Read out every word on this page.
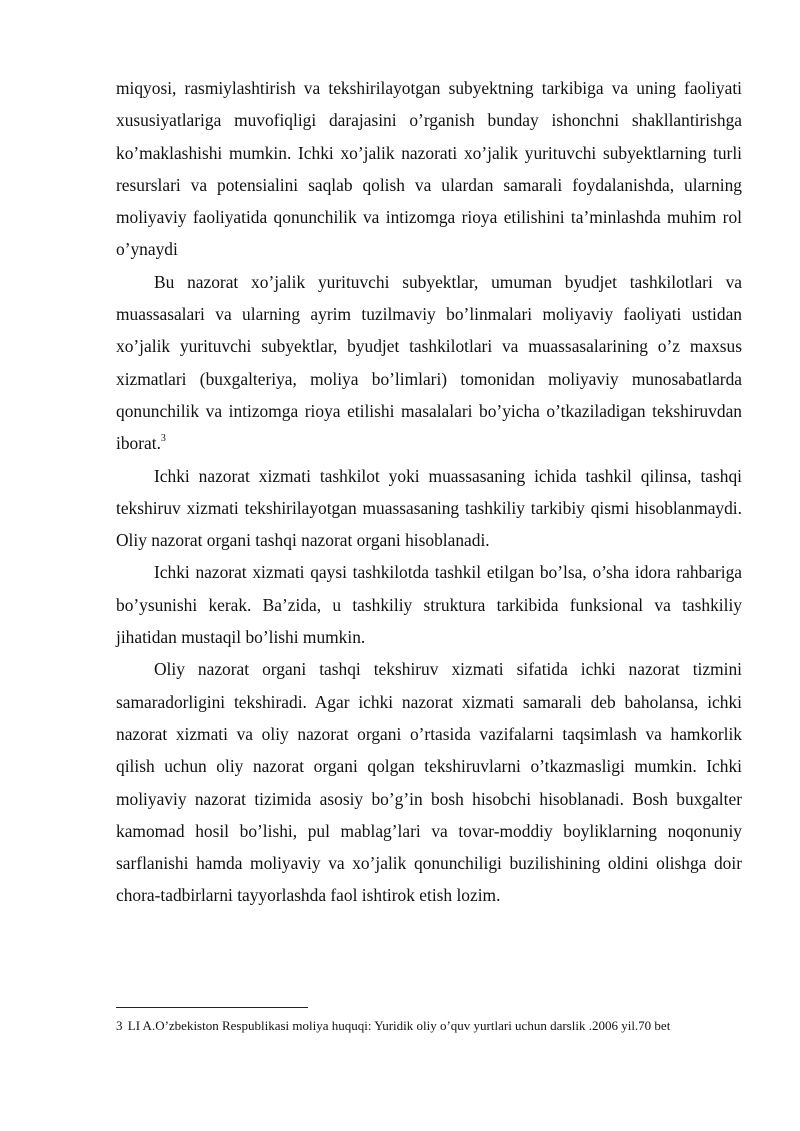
miqyosi, rasmiylashtirish va tekshirilayotgan subyektning tarkibiga va uning faoliyati xususiyatlariga muvofiqligi darajasini o’rganish bunday ishonchni shakllantirishga ko’maklashishi mumkin. Ichki xo’jalik nazorati xo’jalik yurituvchi subyektlarning turli resurslari va potensialini saqlab qolish va ulardan samarali foydalanishda, ularning moliyaviy faoliyatida qonunchilik va intizomga rioya etilishini ta’minlashda muhim rol o’ynaydi

Bu nazorat xo’jalik yurituvchi subyektlar, umuman byudjet tashkilotlari va muassasalari va ularning ayrim tuzilmaviy bo’linmalari moliyaviy faoliyati ustidan xo’jalik yurituvchi subyektlar, byudjet tashkilotlari va muassasalarining o’z maxsus xizmatlari (buxgalteriya, moliya bo’limlari) tomonidan moliyaviy munosabatlarda qonunchilik va intizomga rioya etilishi masalalari bo’yicha o’tkaziladigan tekshiruvdan iborat.$^3$

Ichki nazorat xizmati tashkilot yoki muassasaning ichida tashkil qilinsa, tashqi tekshiruv xizmati tekshirilayotgan muassasaning tashkiliy tarkibiy qismi hisoblanmaydi. Oliy nazorat organi tashqi nazorat organi hisoblanadi.

Ichki nazorat xizmati qaysi tashkilotda tashkil etilgan bo’lsa, o’sha idora rahbariga bo’ysunishi kerak. Ba’zida, u tashkiliy struktura tarkibida funksional va tashkiliy jihatidan mustaqil bo’lishi mumkin.

Oliy nazorat organi tashqi tekshiruv xizmati sifatida ichki nazorat tizmini samaradorligini tekshiradi. Agar ichki nazorat xizmati samarali deb baholansa, ichki nazorat xizmati va oliy nazorat organi o’rtasida vazifalarni taqsimlash va hamkorlik qilish uchun oliy nazorat organi qolgan tekshiruvlarni o’tkazmasligi mumkin. Ichki moliyaviy nazorat tizimida asosiy bo’g’in bosh hisobchi hisoblanadi. Bosh buxgalter kamomad hosil bo’lishi, pul mablag’lari va tovar-moddiy boyliklarning noqonuniy sarflanishi hamda moliyaviy va xo’jalik qonunchiligi buzilishining oldini olishga doir chora-tadbirlarni tayyorlashda faol ishtirok etish lozim.

3 LI A.O’zbekiston Respublikasi moliya huquqi: Yuridik oliy o’quv yurtlari uchun darslik .2006 yil.70 bet
